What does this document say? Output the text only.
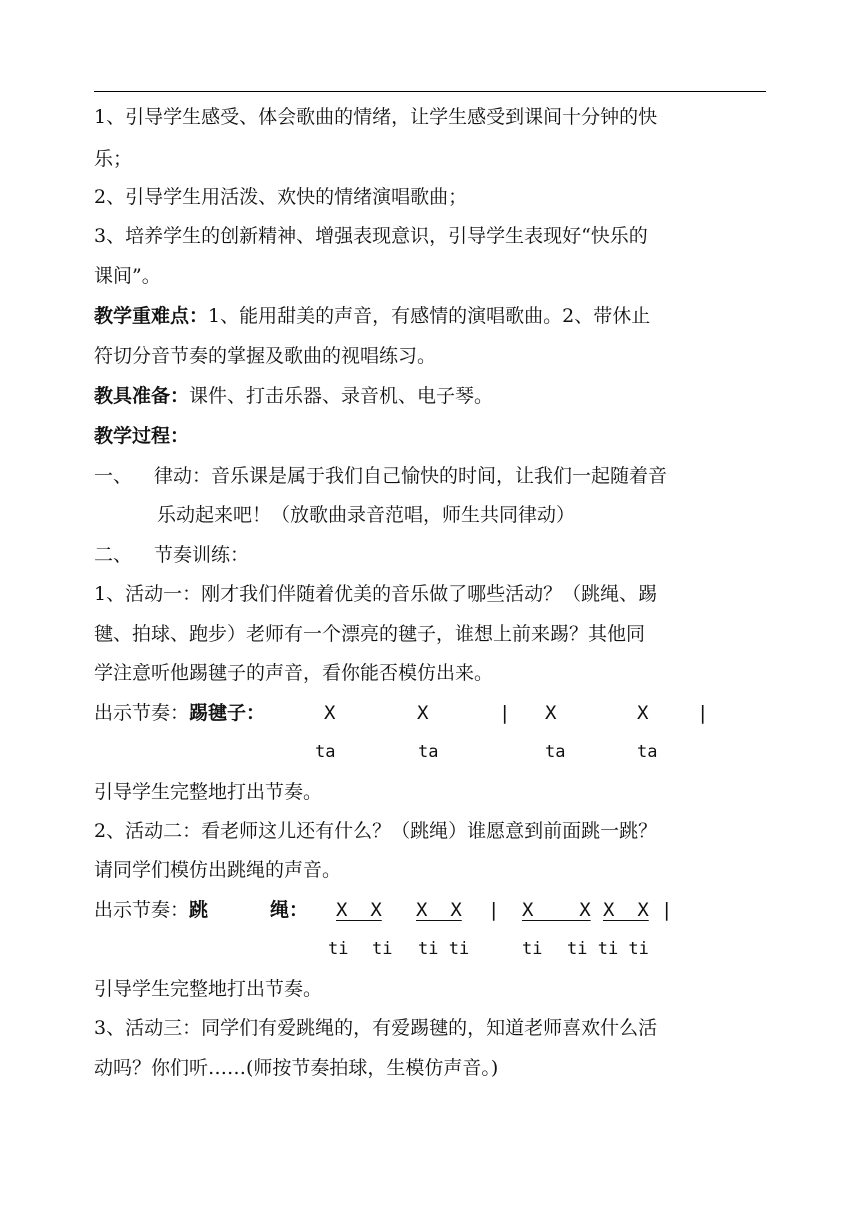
1、引导学生感受、体会歌曲的情绪，让学生感受到课间十分钟的快
乐；
2、引导学生用活泼、欢快的情绪演唱歌曲；
3、培养学生的创新精神、增强表现意识，引导学生表现好“快乐的
课间”。
教学重难点：1、能用甜美的声音，有感情的演唱歌曲。2、带休止
符切分音节奏的掌握及歌曲的视唱练习。
教具准备：课件、打击乐器、录音机、电子琴。
教学过程：
一、 律动：音乐课是属于我们自己愉快的时间，让我们一起随着音
乐动起来吧！（放歌曲录音范唱，师生共同律动）
二、 节奏训练：
1、活动一：刚才我们伴随着优美的音乐做了哪些活动？（跳绳、踢
毽、拍球、跑步）老师有一个漂亮的毽子，谁想上前来踢？其他同
学注意听他踢毽子的声音，看你能否模仿出来。
出示节奏：踢毽子：	X	X	| X	X	|
ta	ta	ta	ta
引导学生完整地打出节奏。
2、活动二：看老师这儿还有什么？（跳绳）谁愿意到前面跳一跳？
请同学们模仿出跳绳的声音。
出示节奏：跳	绳： X  X X  X | X    X X  X |
ti ti ti ti	ti ti ti ti
引导学生完整地打出节奏。
3、活动三：同学们有爱跳绳的，有爱踢毽的，知道老师喜欢什么活
动吗？你们听……(师按节奏拍球，生模仿声音。)
